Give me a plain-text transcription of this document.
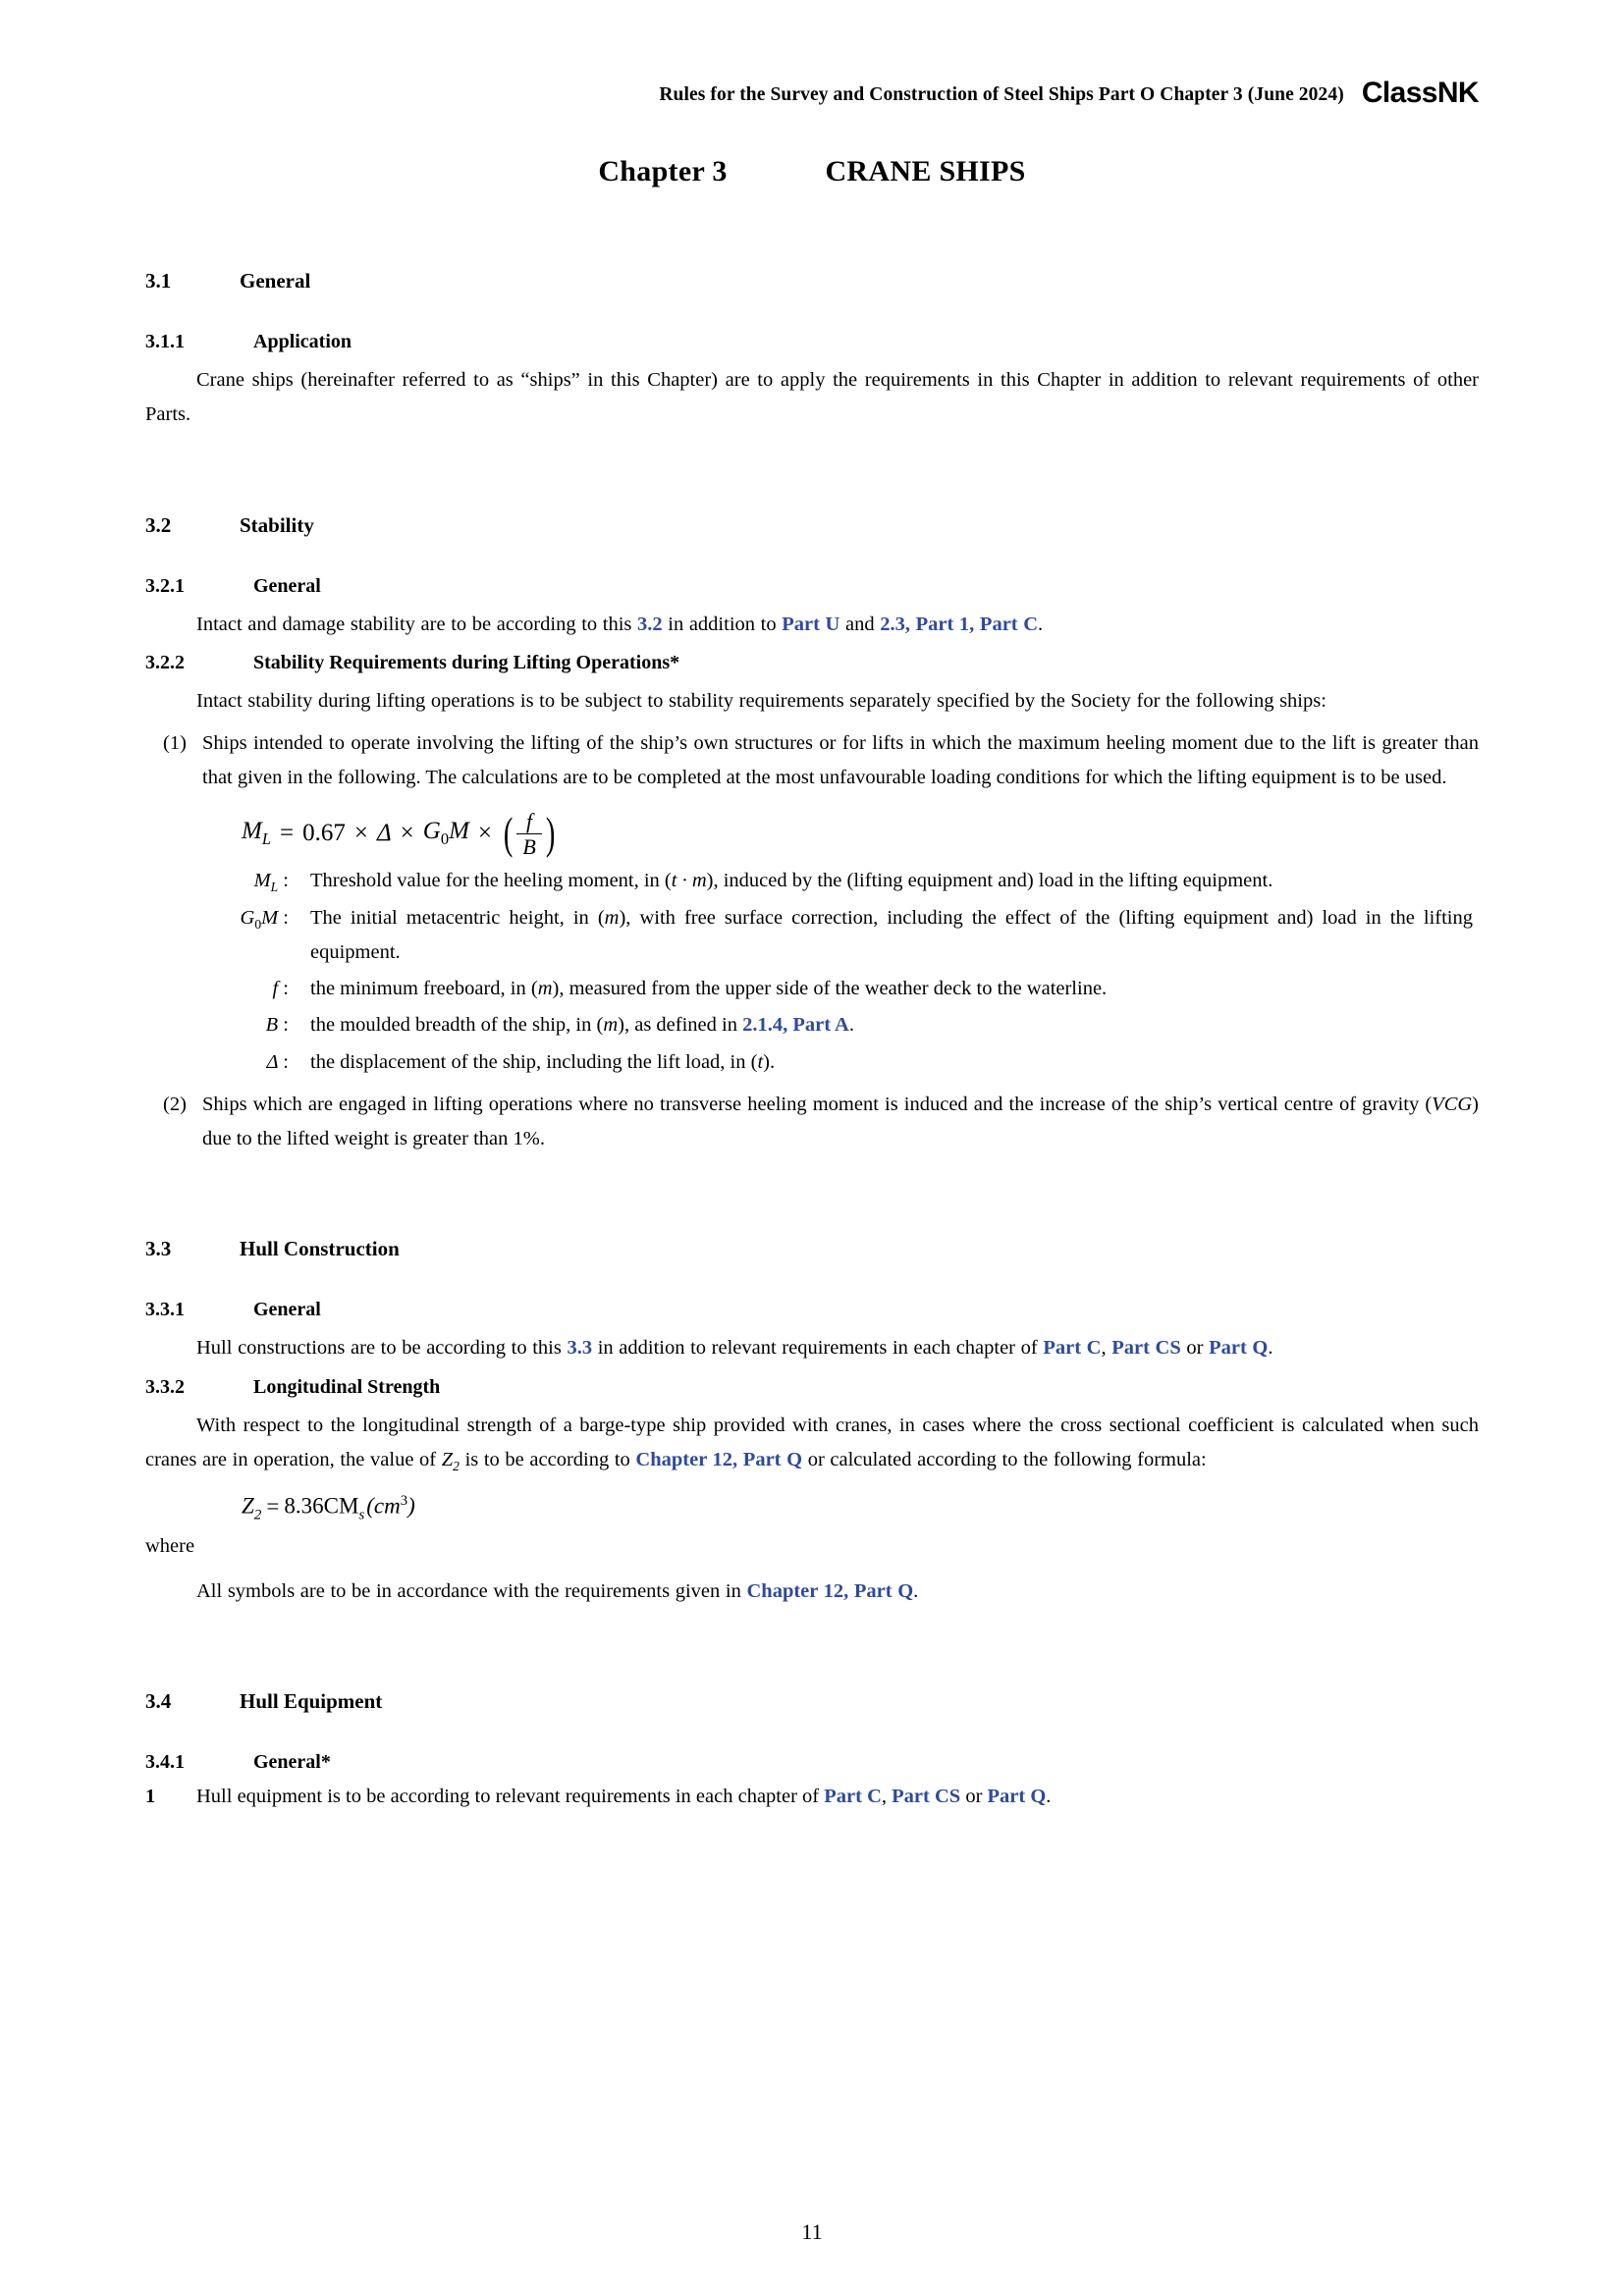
Rules for the Survey and Construction of Steel Ships Part O Chapter 3 (June 2024) ClassNK
Chapter 3	CRANE SHIPS
3.1	General
3.1.1	Application

Crane ships (hereinafter referred to as “ships” in this Chapter) are to apply the requirements in this Chapter in addition to relevant requirements of other Parts.

3.2	Stability
3.2.1	General

Intact and damage stability are to be according to this 3.2 in addition to Part U and 2.3, Part 1, Part C.

3.2.2	Stability Requirements during Lifting Operations*

Intact stability during lifting operations is to be subject to stability requirements separately specified by the Society for the following ships:

(1) Ships intended to operate involving the lifting of the ship’s own structures or for lifts in which the maximum heeling moment due to the lift is greater than that given in the following. The calculations are to be completed at the most unfavourable loading conditions for which the lifting equipment is to be used.
$M_L = 0.67 \times \Delta \times G_0M$ × ( $\frac{f}{B}$ )
$M_L$ :	Threshold value for the heeling moment, in (t · m), induced by the (lifting equipment and) load in the lifting equipment.
$G_0M$ :	The initial metacentric height, in (m), with free surface correction, including the effect of the (lifting equipment and) load in the lifting equipment.
f :	the minimum freeboard, in (m), measured from the upper side of the weather deck to the waterline.
B :	the moulded breadth of the ship, in (m), as defined in 2.1.4, Part A.
Δ :	the displacement of the ship, including the lift load, in (t).
(2) Ships which are engaged in lifting operations where no transverse heeling moment is induced and the increase of the ship’s vertical centre of gravity (VCG) due to the lifted weight is greater than 1%.
3.3	Hull Construction
3.3.1	General

Hull constructions are to be according to this 3.3 in addition to relevant requirements in each chapter of Part C, Part CS or Part Q.

3.3.2	Longitudinal Strength

With respect to the longitudinal strength of a barge-type ship provided with cranes, in cases where the cross sectional coefficient is calculated when such cranes are in operation, the value of $Z_2$ is to be according to Chapter 12, Part Q or calculated according to the following formula:

$Z_2 = 8.36CM_s$ $(cm^3)$
where

All symbols are to be in accordance with the requirements given in Chapter 12, Part Q.

3.4	Hull Equipment
3.4.1	General*
1	Hull equipment is to be according to relevant requirements in each chapter of Part C, Part CS or Part Q.
11
